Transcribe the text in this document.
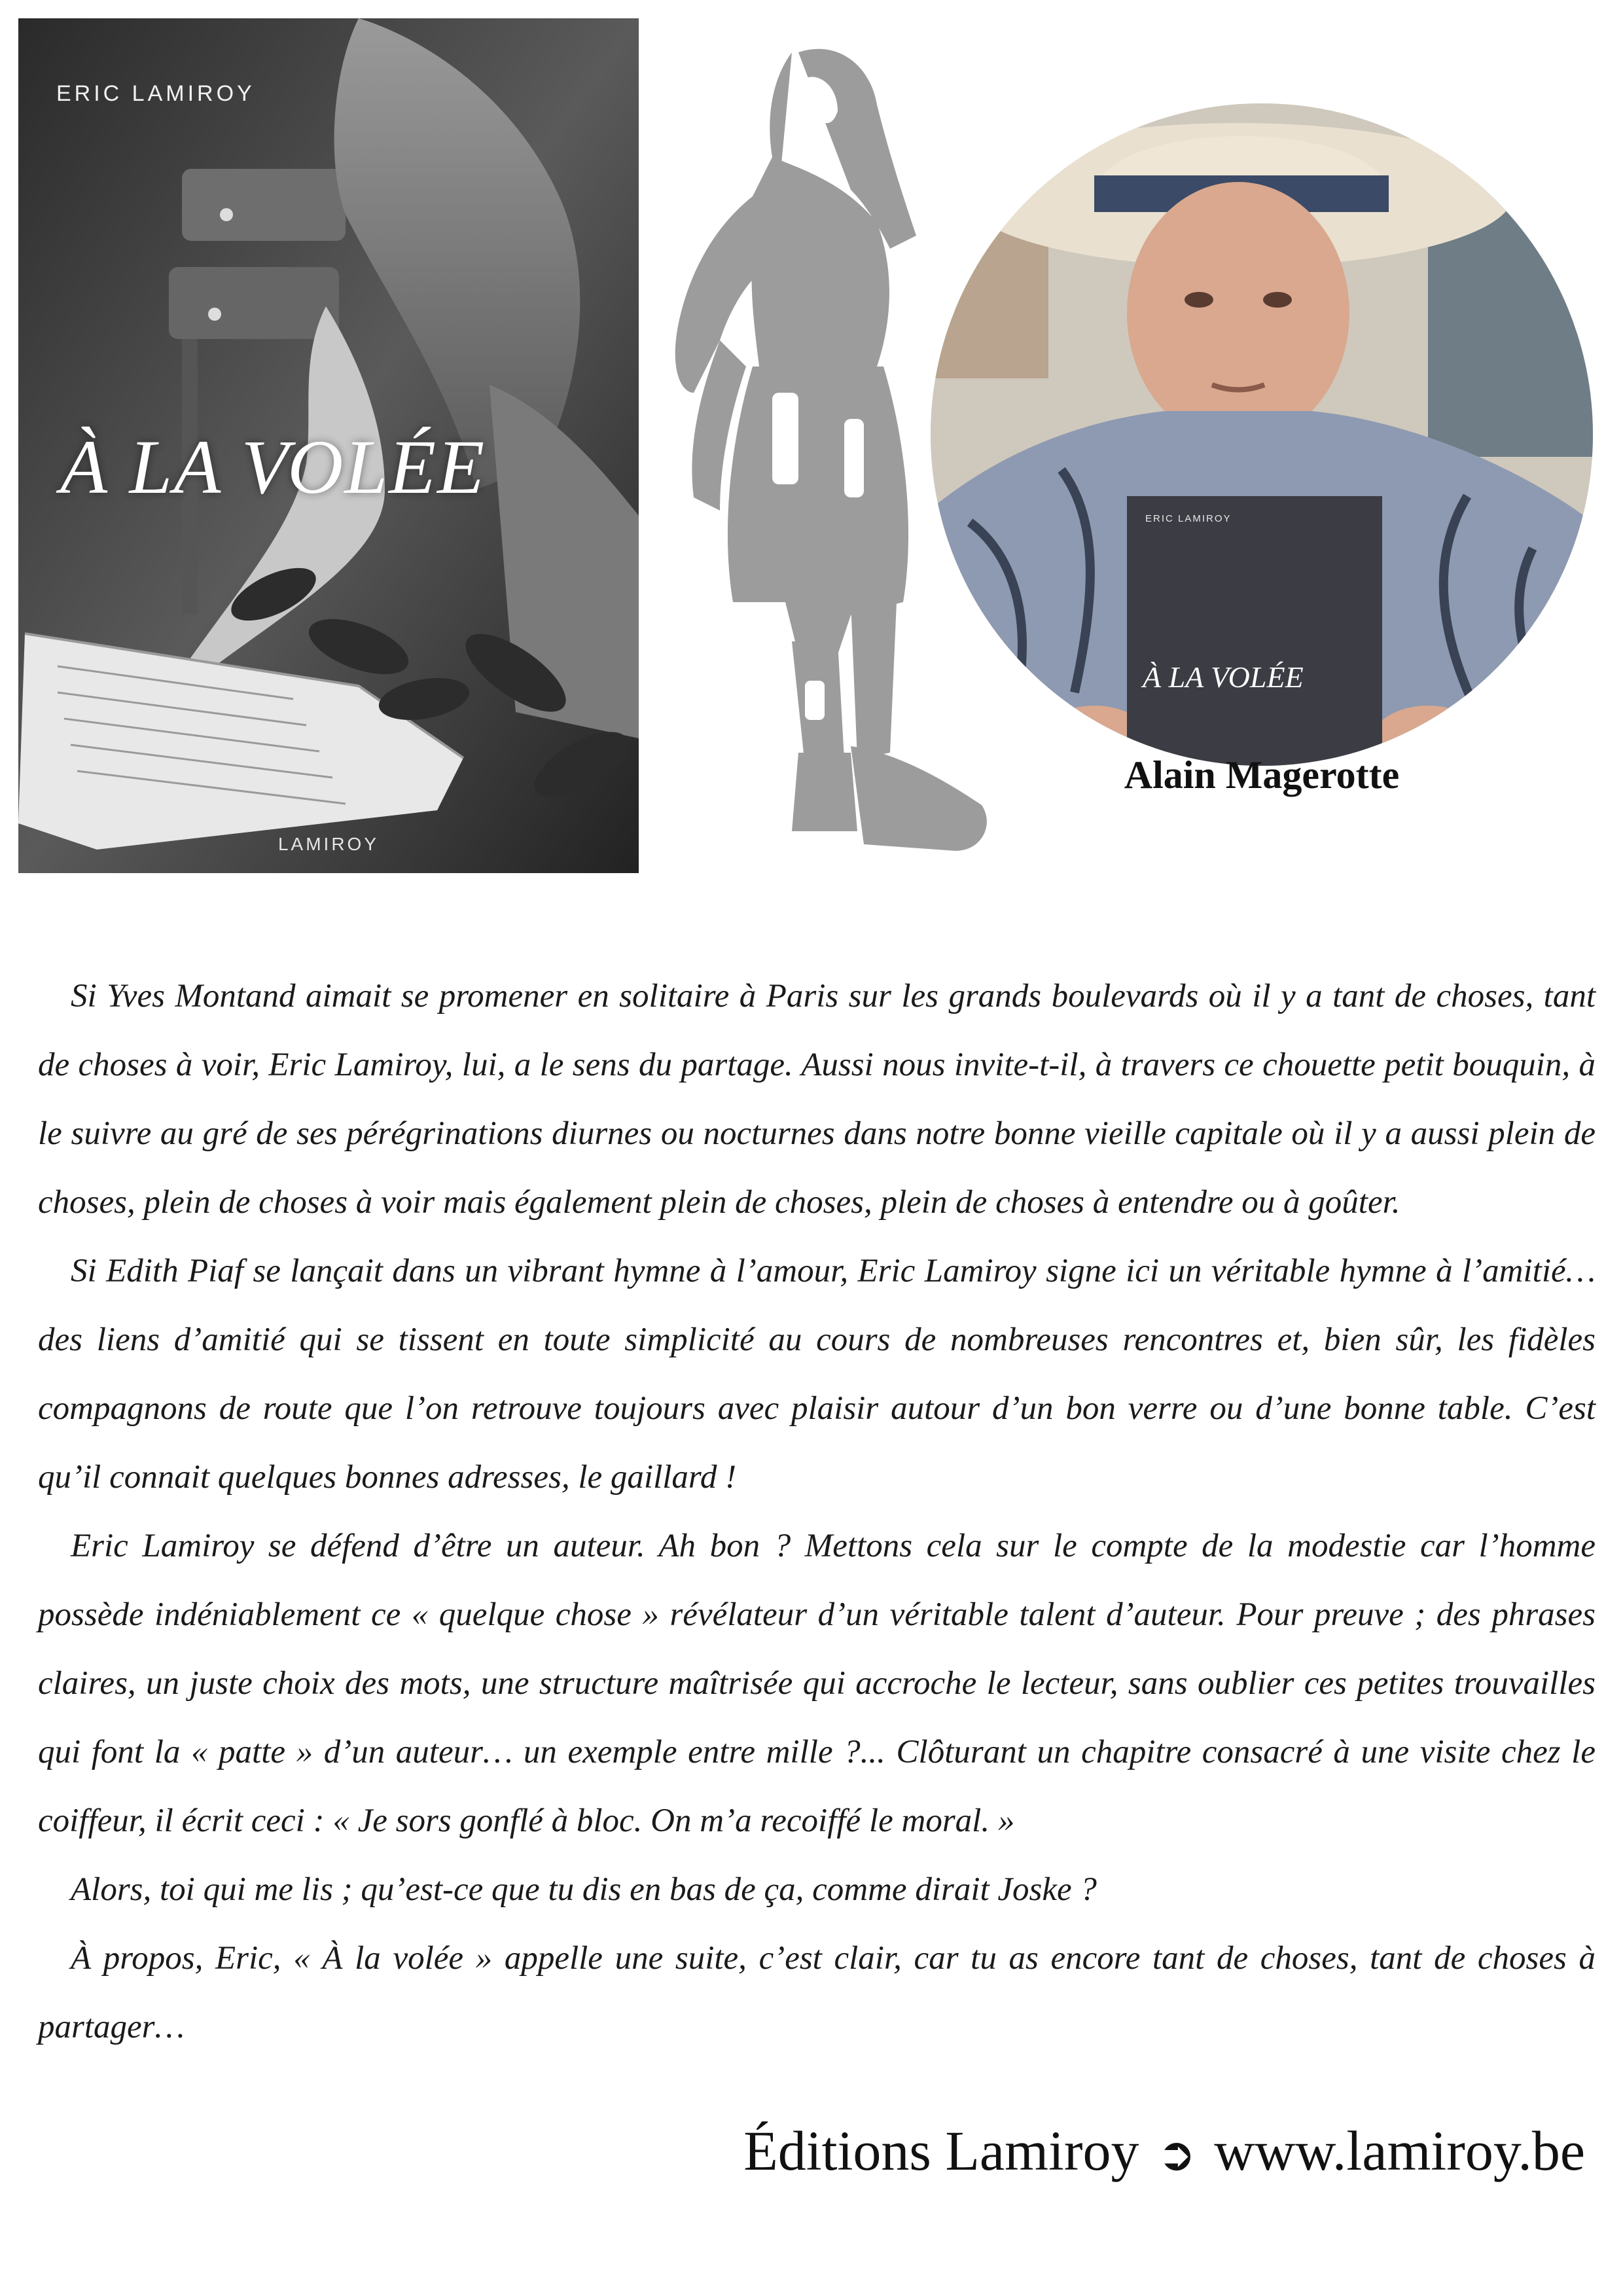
ERIC LAMIROY
À LA VOLÉE
LAMIROY
ERIC LAMIROY
À LA VOLÉE
Alain Magerotte

Si Yves Montand aimait se promener en solitaire à Paris sur les grands boulevards où il y a tant de choses, tant de choses à voir, Eric Lamiroy, lui, a le sens du partage. Aussi nous invite-t-il, à travers ce chouette petit bouquin, à le suivre au gré de ses pérégrinations diurnes ou nocturnes dans notre bonne vieille capitale où il y a aussi plein de choses, plein de choses à voir mais également plein de choses, plein de choses à entendre ou à goûter.

Si Edith Piaf se lançait dans un vibrant hymne à l’amour, Eric Lamiroy signe ici un véritable hymne à l’amitié… des liens d’amitié qui se tissent en toute simplicité au cours de nombreuses rencontres et, bien sûr, les fidèles compagnons de route que l’on retrouve toujours avec plaisir autour d’un bon verre ou d’une bonne table. C’est qu’il connait quelques bonnes adresses, le gaillard !

Eric Lamiroy se défend d’être un auteur. Ah bon ? Mettons cela sur le compte de la modestie car l’homme possède indéniablement ce « quelque chose » révélateur d’un véritable talent d’auteur. Pour preuve ; des phrases claires, un juste choix des mots, une structure maîtrisée qui accroche le lecteur, sans oublier ces petites trouvailles qui font la « patte » d’un auteur… un exemple entre mille ?... Clôturant un chapitre consacré à une visite chez le coiffeur, il écrit ceci : « Je sors gonflé à bloc. On m’a recoiffé le moral. »

Alors, toi qui me lis ; qu’est-ce que tu dis en bas de ça, comme dirait Joske ?

À propos, Eric, « À la volée » appelle une suite, c’est clair, car tu as encore tant de choses, tant de choses à partager…

Éditions Lamiroy ➲ www.lamiroy.be
